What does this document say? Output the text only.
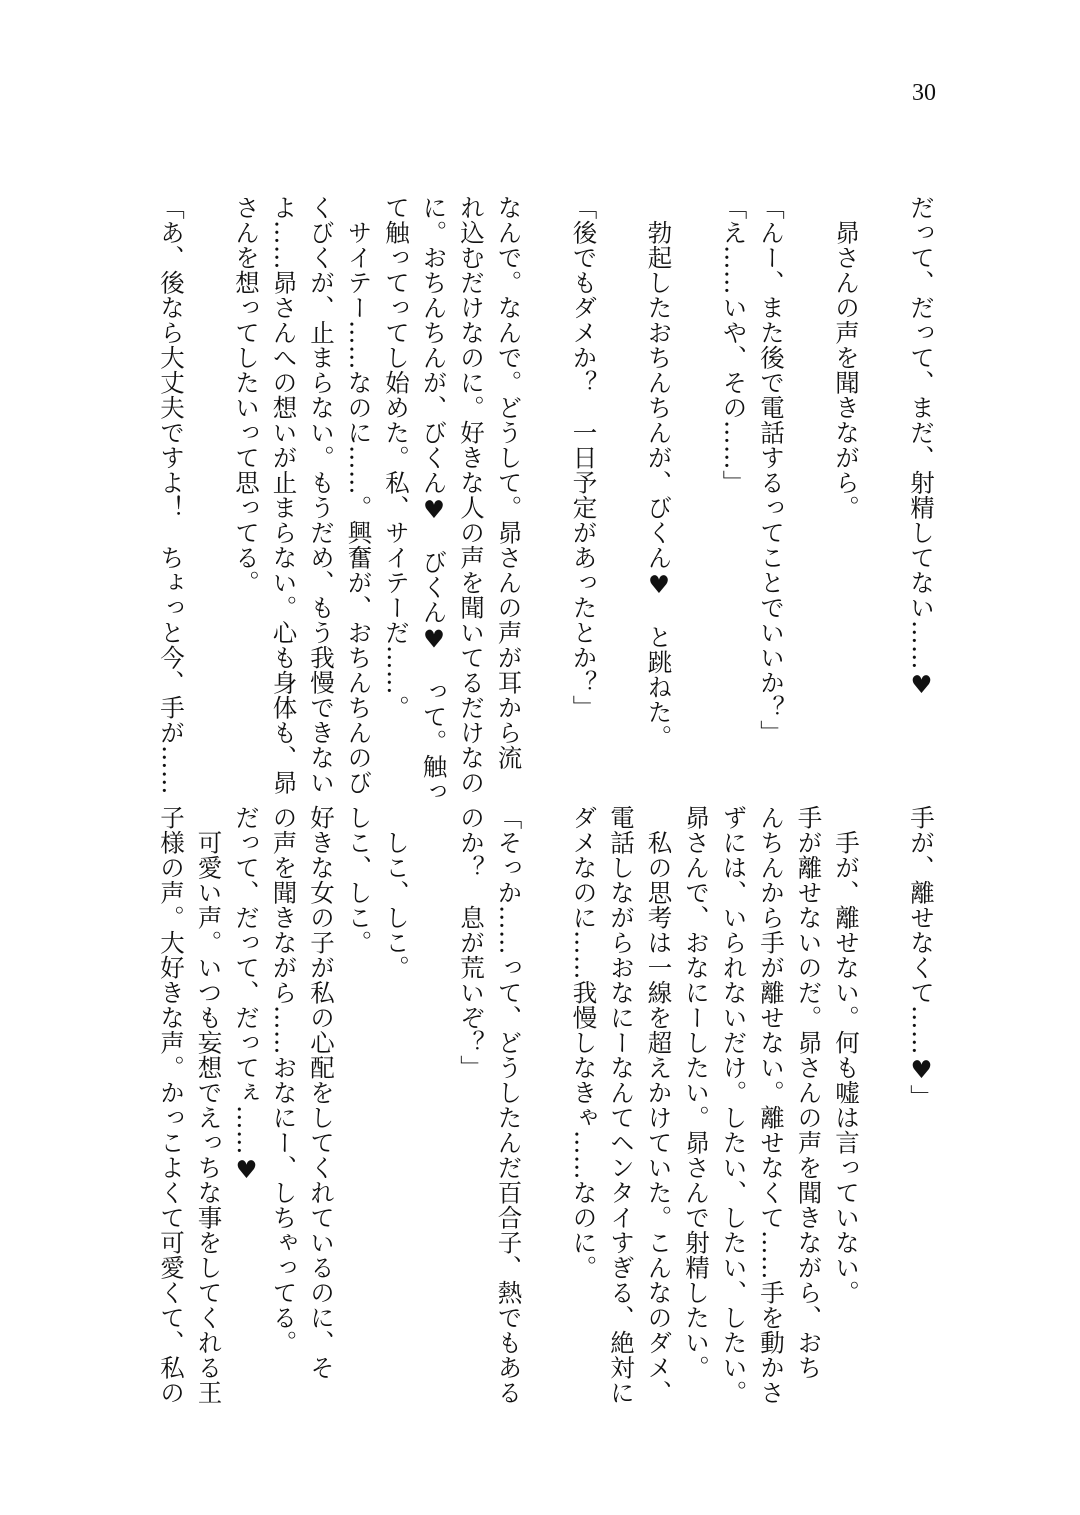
30
だって、だって、まだ、射精してない……♥
昴さんの声を聞きながら。
「んー、また後で電話するってことでいいか？」
「え……いや、その……」
勃起したおちんちんが、びくん♥　と跳ねた。
「後でもダメか？　一日予定があったとか？」
なんで。なんで。どうして。昴さんの声が耳から流
れ込むだけなのに。好きな人の声を聞いてるだけなの
に。おちんちんが、びくん♥　びくん♥　って。触っ
て触ってってし始めた。私、サイテーだ……。
サイテー……なのに……。興奮が、おちんちんのび
くびくが、止まらない。もうだめ、もう我慢できない
よ……昴さんへの想いが止まらない。心も身体も、昴
さんを想ってしたいって思ってる。
「あ、後なら大丈夫ですよ！　ちょっと今、手が……
手が、離せなくて……♥」
手が、離せない。何も嘘は言っていない。
手が離せないのだ。昴さんの声を聞きながら、おち
んちんから手が離せない。離せなくて……手を動かさ
ずには、いられないだけ。したい、したい、したい。
昴さんで、おなにーしたい。昴さんで射精したい。
私の思考は一線を超えかけていた。こんなのダメ、
電話しながらおなにーなんてヘンタイすぎる、絶対に
ダメなのに……我慢しなきゃ……なのに。
「そっか……って、どうしたんだ百合子、熱でもある
のか？　息が荒いぞ？」
しこ、しこ。
しこ、しこ。
好きな女の子が私の心配をしてくれているのに、そ
の声を聞きながら……おなにー、しちゃってる。
だって、だって、だってぇ……♥
可愛い声。いつも妄想でえっちな事をしてくれる王
子様の声。大好きな声。かっこよくて可愛くて、私の
